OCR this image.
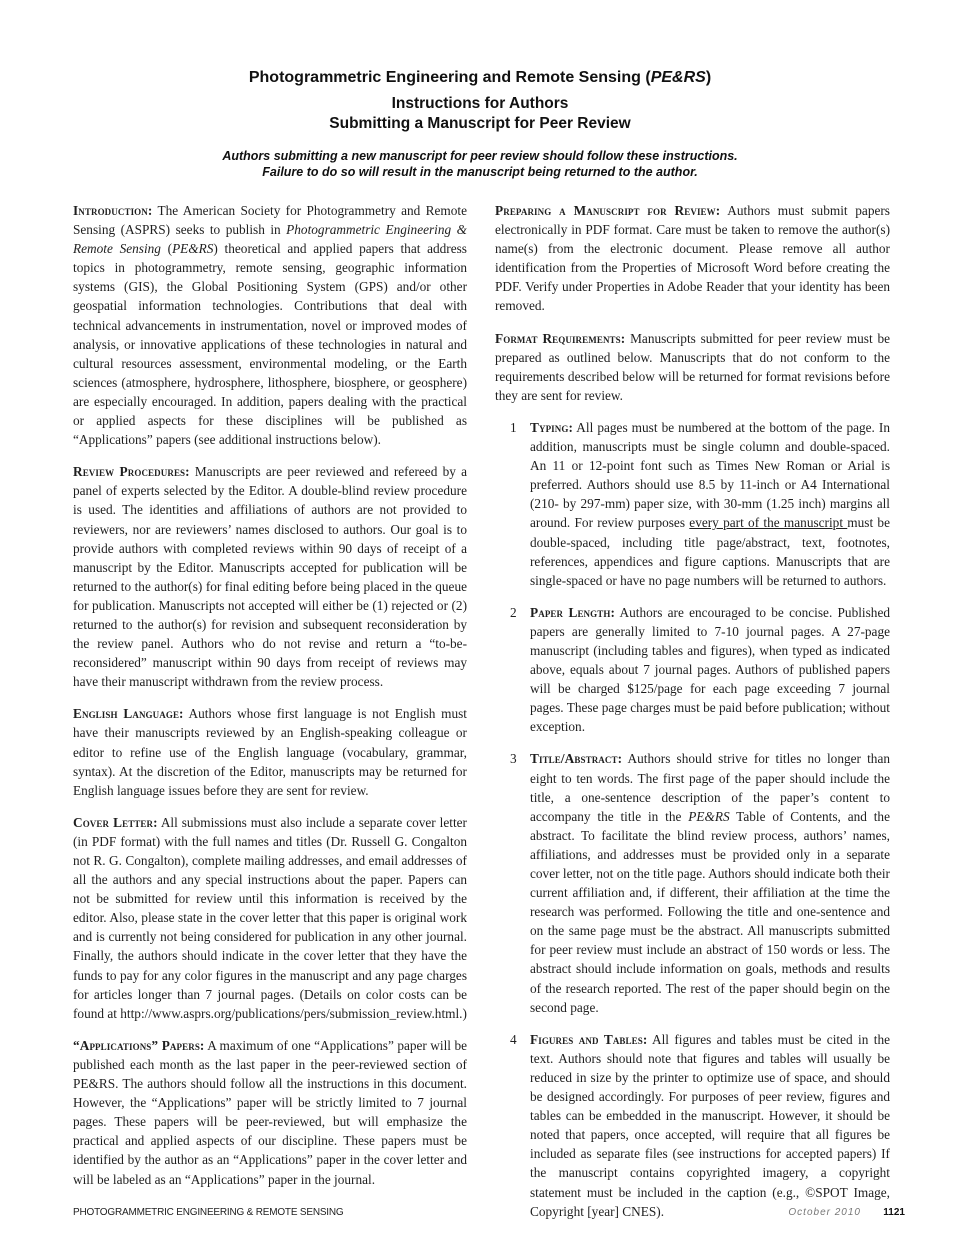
Photogrammetric Engineering and Remote Sensing (PE&RS)
Instructions for Authors
Submitting a Manuscript for Peer Review
Authors submitting a new manuscript for peer review should follow these instructions.
Failure to do so will result in the manuscript being returned to the author.

Introduction: The American Society for Photogrammetry and Remote Sensing (ASPRS) seeks to publish in Photogrammetric Engineering & Remote Sensing (PE&RS) theoretical and applied papers that address topics in photogrammetry, remote sensing, geographic information systems (GIS), the Global Positioning System (GPS) and/or other geospatial information technologies. Contributions that deal with technical advancements in instrumentation, novel or improved modes of analysis, or innovative applications of these technologies in natural and cultural resources assessment, environmental modeling, or the Earth sciences (atmosphere, hydrosphere, lithosphere, biosphere, or geosphere) are especially encouraged. In addition, papers dealing with the practical or applied aspects for these disciplines will be published as “Applications” papers (see additional instructions below).

Review Procedures: Manuscripts are peer reviewed and refereed by a panel of experts selected by the Editor. A double-blind review procedure is used. The identities and affiliations of authors are not provided to reviewers, nor are reviewers’ names disclosed to authors. Our goal is to provide authors with completed reviews within 90 days of receipt of a manuscript by the Editor. Manuscripts accepted for publication will be returned to the author(s) for final editing before being placed in the queue for publication. Manuscripts not accepted will either be (1) rejected or (2) returned to the author(s) for revision and subsequent reconsideration by the review panel. Authors who do not revise and return a “to-be-reconsidered” manuscript within 90 days from receipt of reviews may have their manuscript withdrawn from the review process.

English Language: Authors whose first language is not English must have their manuscripts reviewed by an English-speaking colleague or editor to refine use of the English language (vocabulary, grammar, syntax). At the discretion of the Editor, manuscripts may be returned for English language issues before they are sent for review.

Cover Letter: All submissions must also include a separate cover letter (in PDF format) with the full names and titles (Dr. Russell G. Congalton not R. G. Congalton), complete mailing addresses, and email addresses of all the authors and any special instructions about the paper. Papers can not be submitted for review until this information is received by the editor. Also, please state in the cover letter that this paper is original work and is currently not being considered for publication in any other journal. Finally, the authors should indicate in the cover letter that they have the funds to pay for any color figures in the manuscript and any page charges for articles longer than 7 journal pages. (Details on color costs can be found at http://www.asprs.org/publications/pers/submission_review.html.)

“Applications” Papers: A maximum of one “Applications” paper will be published each month as the last paper in the peer-reviewed section of PE&RS. The authors should follow all the instructions in this document. However, the “Applications” paper will be strictly limited to 7 journal pages. These papers will be peer-reviewed, but will emphasize the practical and applied aspects of our discipline. These papers must be identified by the author as an “Applications” paper in the cover letter and will be labeled as an “Applications” paper in the journal.

Preparing a Manuscript for Review: Authors must submit papers electronically in PDF format. Care must be taken to remove the author(s) name(s) from the electronic document. Please remove all author identification from the Properties of Microsoft Word before creating the PDF. Verify under Properties in Adobe Reader that your identity has been removed.

Format Requirements: Manuscripts submitted for peer review must be prepared as outlined below. Manuscripts that do not conform to the requirements described below will be returned for format revisions before they are sent for review.

1 Typing: All pages must be numbered at the bottom of the page. In addition, manuscripts must be single column and double-spaced. An 11 or 12-point font such as Times New Roman or Arial is preferred. Authors should use 8.5 by 11-inch or A4 International (210- by 297-mm) paper size, with 30-mm (1.25 inch) margins all around. For review purposes every part of the manuscript must be double-spaced, including title page/abstract, text, footnotes, references, appendices and figure captions. Manuscripts that are single-spaced or have no page numbers will be returned to authors.
2 Paper Length: Authors are encouraged to be concise. Published papers are generally limited to 7-10 journal pages. A 27-page manuscript (including tables and figures), when typed as indicated above, equals about 7 journal pages. Authors of published papers will be charged $125/page for each page exceeding 7 journal pages. These page charges must be paid before publication; without exception.
3 Title/Abstract: Authors should strive for titles no longer than eight to ten words. The first page of the paper should include the title, a one-sentence description of the paper’s content to accompany the title in the PE&RS Table of Contents, and the abstract. To facilitate the blind review process, authors’ names, affiliations, and addresses must be provided only in a separate cover letter, not on the title page. Authors should indicate both their current affiliation and, if different, their affiliation at the time the research was performed. Following the title and one-sentence and on the same page must be the abstract. All manuscripts submitted for peer review must include an abstract of 150 words or less. The abstract should include information on goals, methods and results of the research reported. The rest of the paper should begin on the second page.
4 Figures and Tables: All figures and tables must be cited in the text. Authors should note that figures and tables will usually be reduced in size by the printer to optimize use of space, and should be designed accordingly. For purposes of peer review, figures and tables can be embedded in the manuscript. However, it should be noted that papers, once accepted, will require that all figures be included as separate files (see instructions for accepted papers) If the manuscript contains copyrighted imagery, a copyright statement must be included in the caption (e.g., ©SPOT Image, Copyright [year] CNES).
PHOTOGRAMMETRIC ENGINEERING & REMOTE SENSING	October 2010 1121
